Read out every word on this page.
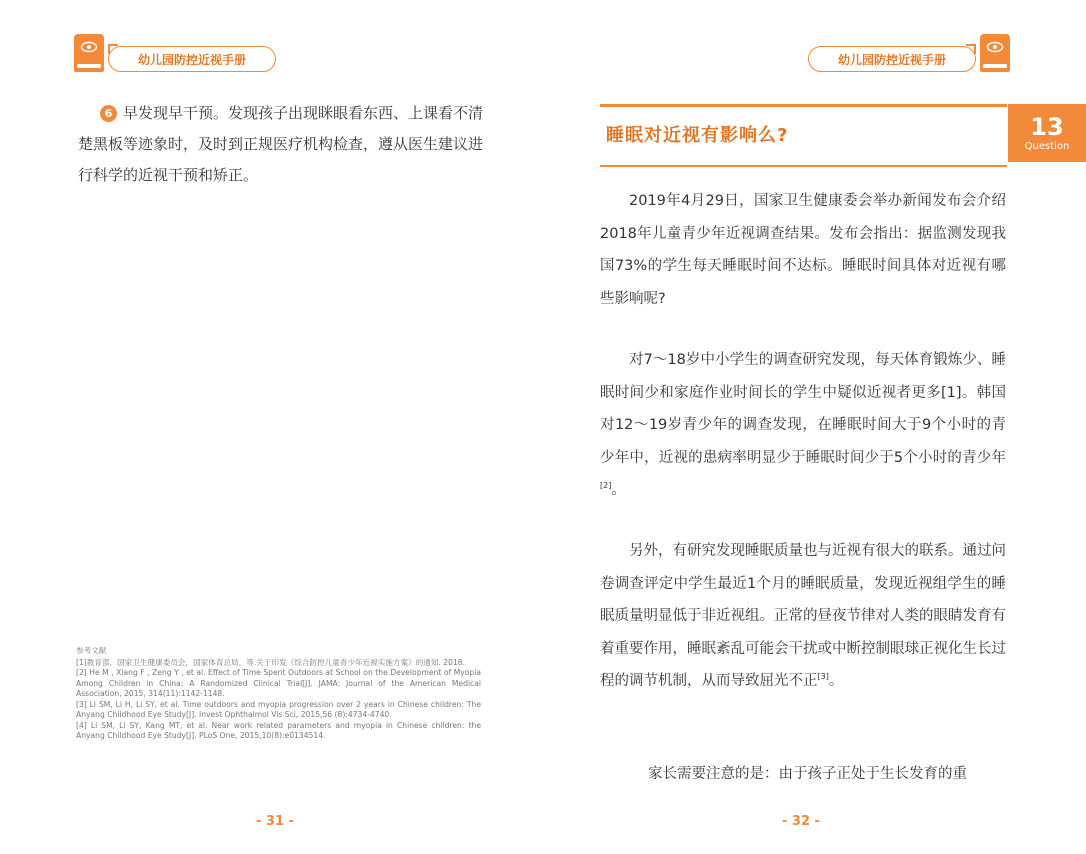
幼儿园防控近视手册	幼儿园防控近视手册
6 早发现早干预。发现孩子出现眯眼看东西、上课看不清楚黑板等迹象时，及时到正规医疗机构检查，遵从医生建议进行科学的近视干预和矫正。
参考文献
[1]教育部，国家卫生健康委员会，国家体育总局，等.关于印发《综合防控儿童青少年近视实施方案》的通知. 2018.
[2] He M , Xiang F , Zeng Y , et al. Effect of Time Spent Outdoors at School on the Development of Myopia Among Children in China: A Randomized Clinical Trial[J]. JAMA: Journal of the American Medical Association, 2015, 314(11):1142-1148.
[3] Li SM, Li H, Li SY, et al. Time outdoors and myopia progression over 2 years in Chinese children: The Anyang Childhood Eye Study[J]. Invest Ophthalmol Vis Sci, 2015,56 (8):4734-4740.
[4] Li SM, Li SY, Kang MT, et al. Near work related parameters and myopia in Chinese children: the Anyang Childhood Eye Study[J]. PLoS One, 2015,10(8):e0134514.
- 31 -
睡眠对近视有影响么?	13
Question
2019年4月29日，国家卫生健康委会举办新闻发布会介绍2018年儿童青少年近视调查结果。发布会指出：据监测发现我国73%的学生每天睡眠时间不达标。睡眠时间具体对近视有哪些影响呢?
对7～18岁中小学生的调查研究发现，每天体育锻炼少、睡眠时间少和家庭作业时间长的学生中疑似近视者更多[1]。韩国对12～19岁青少年的调查发现，在睡眠时间大于9个小时的青少年中，近视的患病率明显少于睡眠时间少于5个小时的青少年[2]。
另外，有研究发现睡眠质量也与近视有很大的联系。通过问卷调查评定中学生最近1个月的睡眠质量，发现近视组学生的睡眠质量明显低于非近视组。正常的昼夜节律对人类的眼睛发育有着重要作用，睡眠紊乱可能会干扰或中断控制眼球正视化生长过程的调节机制，从而导致屈光不正[3]。
家长需要注意的是：由于孩子正处于生长发育的重
- 32 -
